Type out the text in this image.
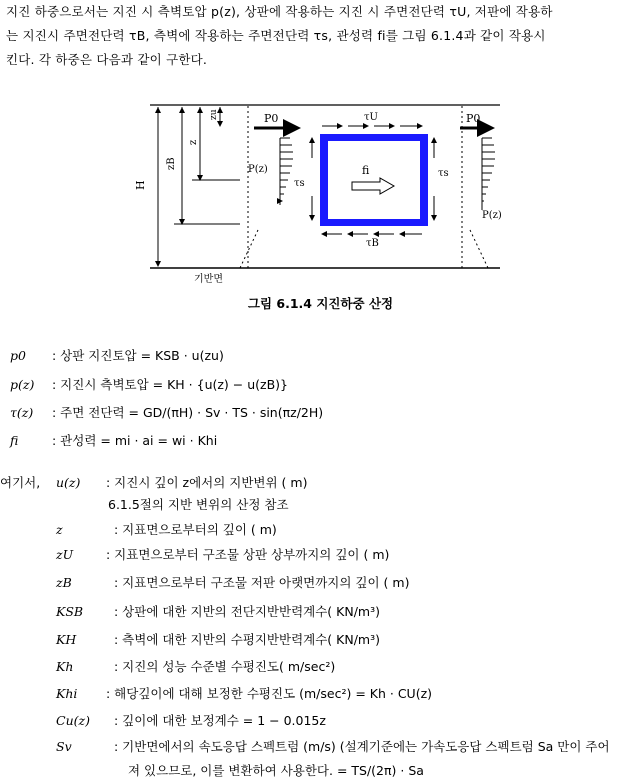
지진 하중으로서는 지진 시 측벽토압 p(z), 상판에 작용하는 지진 시 주면전단력 τU, 저판에 작용하

는 지진시 주면전단력 τB, 측벽에 작용하는 주면전단력 τs, 관성력 fi를 그림 6.1.4과 같이 작용시

킨다. 각 하중은 다음과 같이 구한다.

H
zB
z
zu	P0	P0
P(z)
P(z)
τU
τB
τs
τs
fi
기반면
그림 6.1.4 지진하중 산정
p0 : 상판 지진토압 = KSB · u(zu)
p(z) : 지진시 측벽토압 = KH · {u(z) − u(zB)}
τ(z) : 주면 전단력 = GD/(πH) · Sv · TS · sin(πz/2H)
fi	: 관성력 = mi · ai = wi · Khi
여기서, u(z) : 지진시 깊이 z에서의 지반변위 ( m)
6.1.5절의 지반 변위의 산정 참조
z	: 지표면으로부터의 깊이 ( m)
zU	: 지표면으로부터 구조물 상판 상부까지의 깊이 ( m)
zB	: 지표면으로부터 구조물 저판 아랫면까지의 깊이 ( m)
KSB : 상판에 대한 지반의 전단지반반력계수( KN/m³)
KH	: 측벽에 대한 지반의 수평지반반력계수( KN/m³)
Kh	: 지진의 성능 수준별 수평진도( m/sec²)
Khi : 해당깊이에 대해 보정한 수평진도 (m/sec²) = Kh · CU(z)
Cu(z) : 깊이에 대한 보정계수 = 1 − 0.015z
Sv	: 기반면에서의 속도응답 스펙트럼 (m/s) (설계기준에는 가속도응답 스펙트럼 Sa 만이 주어
져 있으므로, 이를 변환하여 사용한다. = TS/(2π) · Sa
